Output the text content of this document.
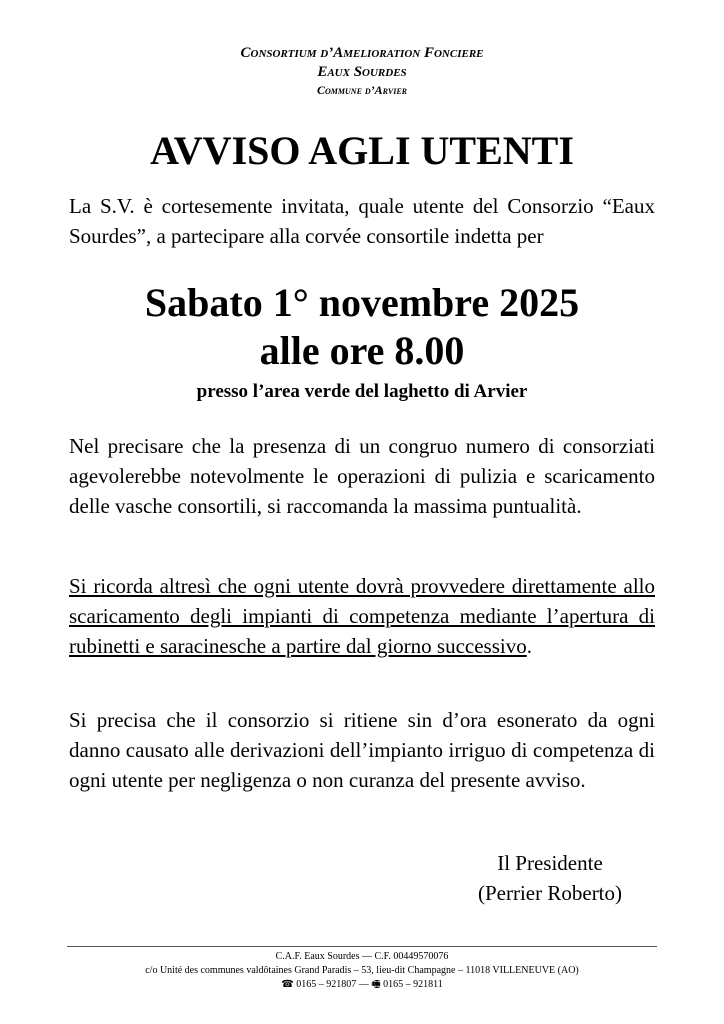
Consortium d’Amelioration Fonciere
Eaux Sourdes
Commune d’Arvier
AVVISO AGLI UTENTI

La S.V. è cortesemente invitata, quale utente del Consorzio “Eaux Sourdes”, a partecipare alla corvée consortile indetta per

Sabato 1° novembre 2025
alle ore 8.00
presso l’area verde del laghetto di Arvier

Nel precisare che la presenza di un congruo numero di consorziati agevolerebbe notevolmente le operazioni di pulizia e scaricamento delle vasche consortili, si raccomanda la massima puntualità.

Si ricorda altresì che ogni utente dovrà provvedere direttamente allo scaricamento degli impianti di competenza mediante l’apertura di rubinetti e saracinesche a partire dal giorno successivo.

Si precisa che il consorzio si ritiene sin d’ora esonerato da ogni danno causato alle derivazioni dell’impianto irriguo di competenza di ogni utente per negligenza o non curanza del presente avviso.

Il Presidente
(Perrier Roberto)
C.A.F. Eaux Sourdes — C.F. 00449570076
c/o Unité des communes valdôtaines Grand Paradis – 53, lieu-dit Champagne – 11018 VILLENEUVE (AO)
☎ 0165 – 921807 — 🖷 0165 – 921811
